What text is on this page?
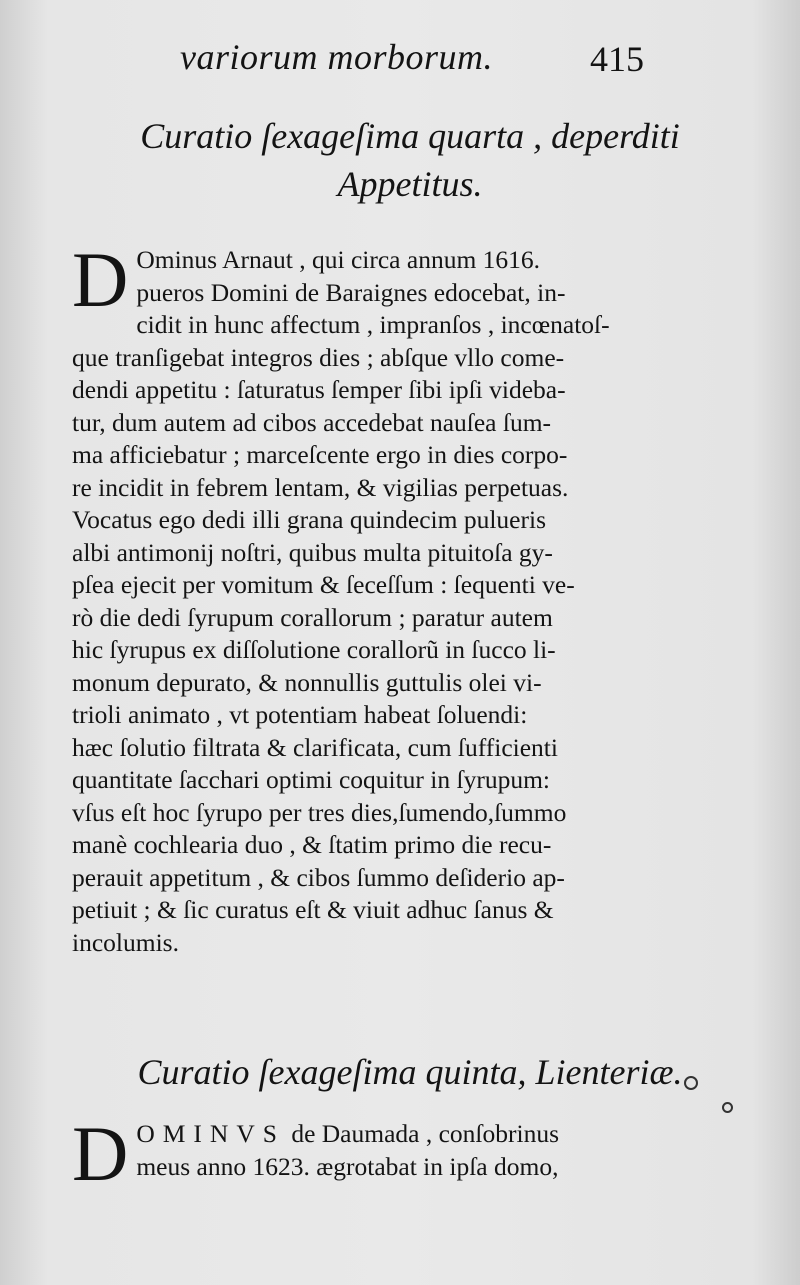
variorum morborum.	415
Curatio ſexageſima quarta , deperditi
Appetitus.
D Ominus Arnaut , qui circa annum 1616.
pueros Domini de Baraignes edocebat, in-
cidit in hunc affectum , impranſos , incœnatoſ-
que tranſigebat integros dies ; abſque vllo come-
dendi appetitu : ſaturatus ſemper ſibi ipſi videba-
tur, dum autem ad cibos accedebat nauſea ſum-
ma afficiebatur ; marceſcente ergo in dies corpo-
re incidit in febrem lentam, & vigilias perpetuas.
Vocatus ego dedi illi grana quindecim pulueris
albi antimonij noſtri, quibus multa pituitoſa gy-
pſea ejecit per vomitum & ſeceſſum : ſequenti ve-
rò die dedi ſyrupum corallorum ; paratur autem
hic ſyrupus ex diſſolutione corallorũ in ſucco li-
monum depurato, & nonnullis guttulis olei vi-
trioli animato , vt potentiam habeat ſoluendi:
hæc ſolutio filtrata & clarificata, cum ſufficienti
quantitate ſacchari optimi coquitur in ſyrupum:
vſus eſt hoc ſyrupo per tres dies,ſumendo,ſummo
manè cochlearia duo , & ſtatim primo die recu-
perauit appetitum , & cibos ſummo deſiderio ap-
petiuit ; & ſic curatus eſt & viuit adhuc ſanus &
incolumis.
Curatio ſexageſima quinta, Lienteriæ.
D OMINVS de Daumada , conſobrinus
meus anno 1623. ægrotabat in ipſa domo,
